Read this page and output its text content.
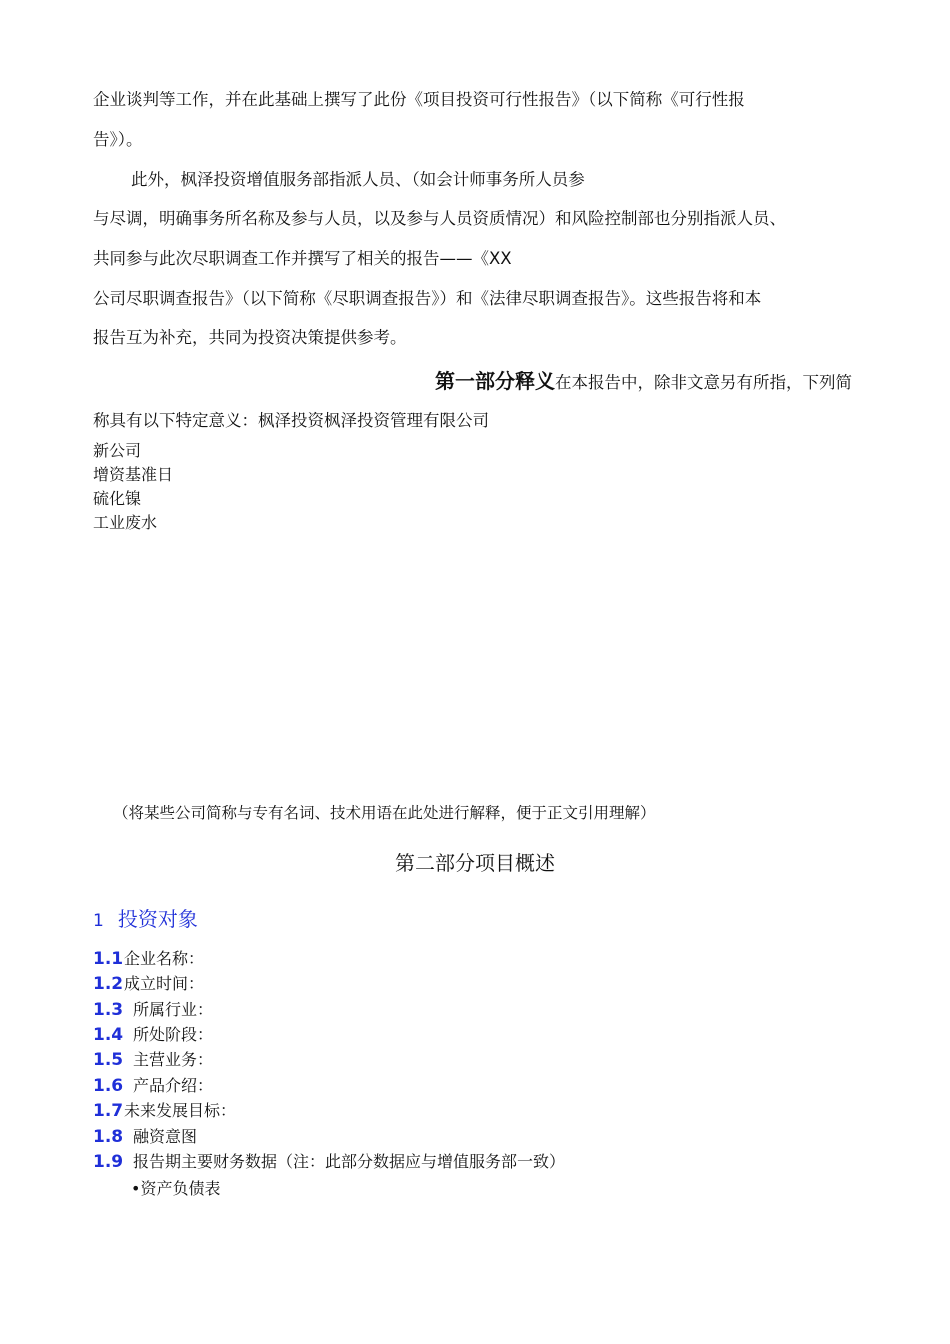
企业谈判等工作，并在此基础上撰写了此份《项目投资可行性报告》（以下简称《可行性报
告》）。
此外，枫泽投资增值服务部指派人员、（如会计师事务所人员参
与尽调，明确事务所名称及参与人员，以及参与人员资质情况）和风险控制部也分别指派人员、
共同参与此次尽职调查工作并撰写了相关的报告——《XX
公司尽职调查报告》（以下简称《尽职调查报告》）和《法律尽职调查报告》。这些报告将和本
报告互为补充，共同为投资决策提供参考。
第一部分释义在本报告中，除非文意另有所指，下列简
称具有以下特定意义：枫泽投资枫泽投资管理有限公司
新公司
增资基准日
硫化镍
工业废水
（将某些公司简称与专有名词、技术用语在此处进行解释，便于正文引用理解）
第二部分项目概述
1 投资对象
1.1 企业名称：
1.2 成立时间：
1.3 所属行业：
1.4 所处阶段：
1.5 主营业务：
1.6 产品介绍：
1.7 未来发展目标：
1.8 融资意图
1.9 报告期主要财务数据（注：此部分数据应与增值服务部一致）
•资产负债表
